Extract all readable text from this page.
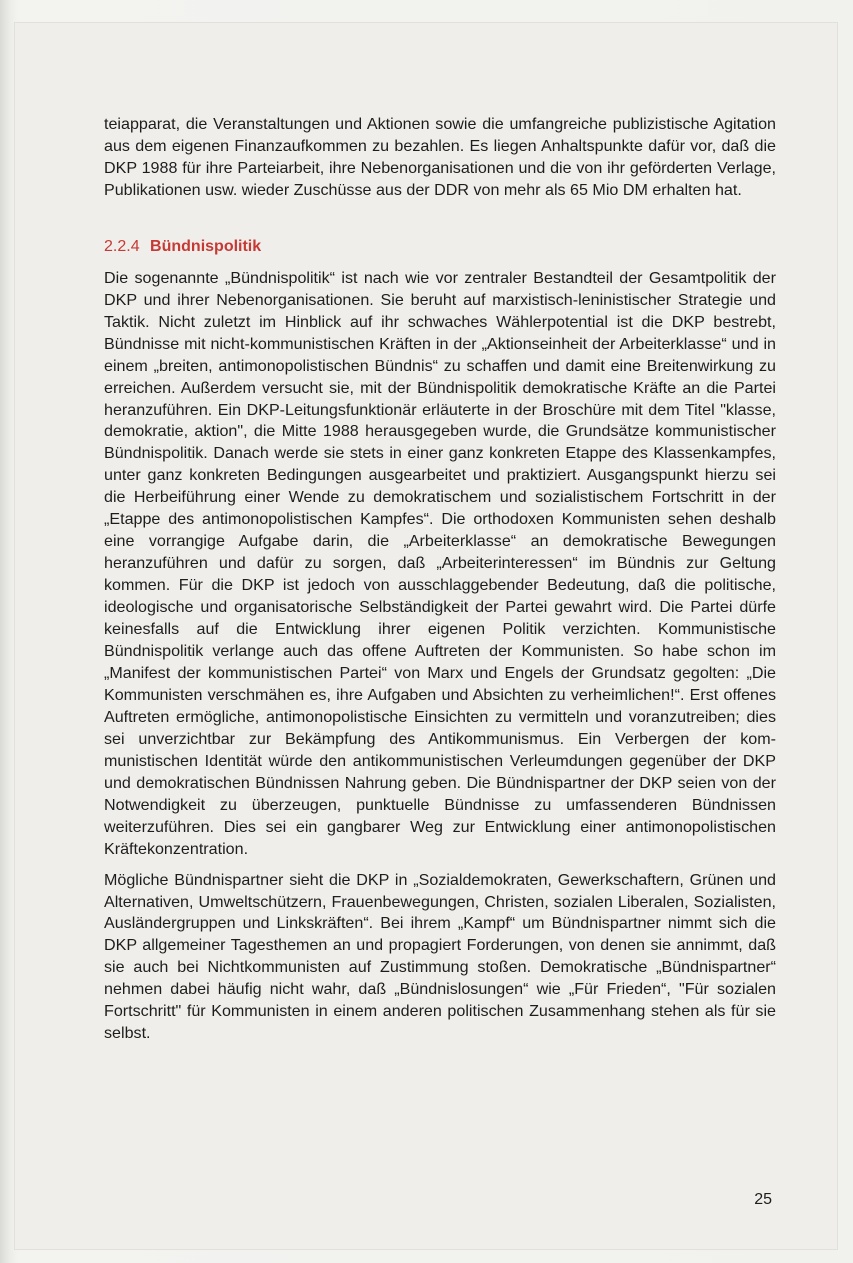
teiapparat, die Veranstaltungen und Aktionen sowie die umfangreiche publizistische Agitation aus dem eigenen Finanzaufkommen zu bezahlen. Es liegen Anhaltspunkte dafür vor, daß die DKP 1988 für ihre Parteiarbeit, ihre Nebenorganisationen und die von ihr geförderten Verlage, Publikationen usw. wieder Zuschüsse aus der DDR von mehr als 65 Mio DM erhalten hat.

2.2.4 Bündnispolitik

Die sogenannte „Bündnispolitik“ ist nach wie vor zentraler Bestandteil der Gesamtpolitik der DKP und ihrer Nebenorganisationen. Sie beruht auf marxistisch-leninistischer Strategie und Taktik. Nicht zuletzt im Hinblick auf ihr schwaches Wählerpotential ist die DKP bestrebt, Bündnisse mit nicht-kommunistischen Kräften in der „Aktionseinheit der Arbeiterklasse“ und in einem „breiten, antimonopolistischen Bündnis“ zu schaffen und damit eine Breitenwirkung zu erreichen. Außerdem versucht sie, mit der Bündnispolitik demokratische Kräfte an die Partei heranzuführen. Ein DKP-Leitungsfunktionär erläuterte in der Broschüre mit dem Titel "klasse, demokratie, aktion", die Mitte 1988 herausgegeben wurde, die Grundsätze kommunistischer Bündnispolitik. Danach werde sie stets in einer ganz konkreten Etappe des Klassenkampfes, unter ganz konkreten Bedingungen ausgearbeitet und praktiziert. Ausgangspunkt hierzu sei die Herbeiführung einer Wende zu demokratischem und sozialistischem Fortschritt in der „Etappe des antimonopolistischen Kampfes“. Die orthodoxen Kommunisten sehen deshalb eine vorrangige Aufgabe darin, die „Arbeiterklasse“ an demokratische Bewegungen heranzuführen und dafür zu sorgen, daß „Arbeiterinteressen“ im Bündnis zur Geltung kommen. Für die DKP ist jedoch von ausschlaggebender Bedeutung, daß die politische, ideologische und organisatorische Selbständigkeit der Partei gewahrt wird. Die Partei dürfe keinesfalls auf die Entwicklung ihrer eigenen Politik verzichten. Kommunistische Bündnispolitik verlange auch das offene Auftreten der Kommunisten. So habe schon im „Manifest der kommunistischen Partei“ von Marx und Engels der Grundsatz gegolten: „Die Kommunisten verschmähen es, ihre Aufgaben und Absichten zu verheimlichen!“. Erst offenes Auftreten ermögliche, antimonopolistische Einsichten zu vermitteln und voranzutreiben; dies sei unverzichtbar zur Bekämpfung des Antikommunismus. Ein Verbergen der kommunistischen Identität würde den antikommunistischen Verleumdungen gegenüber der DKP und demokratischen Bündnissen Nahrung geben. Die Bündnispartner der DKP seien von der Notwendigkeit zu überzeugen, punktuelle Bündnisse zu umfassenderen Bündnissen weiterzuführen. Dies sei ein gangbarer Weg zur Entwicklung einer antimonopolistischen Kräftekonzentration.

Mögliche Bündnispartner sieht die DKP in „Sozialdemokraten, Gewerkschaftern, Grünen und Alternativen, Umweltschützern, Frauenbewegungen, Christen, sozialen Liberalen, Sozialisten, Ausländergruppen und Linkskräften“. Bei ihrem „Kampf“ um Bündnispartner nimmt sich die DKP allgemeiner Tagesthemen an und propagiert Forderungen, von denen sie annimmt, daß sie auch bei Nichtkommunisten auf Zustimmung stoßen. Demokratische „Bündnispartner“ nehmen dabei häufig nicht wahr, daß „Bündnislosungen“ wie „Für Frieden“, "Für sozialen Fortschritt" für Kommunisten in einem anderen politischen Zusammenhang stehen als für sie selbst.

25
